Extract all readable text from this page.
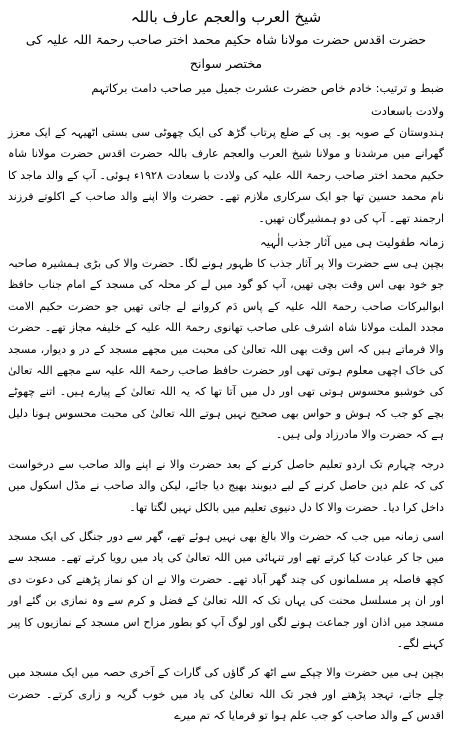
شیخ العرب والعجم عارف باللہ

حضرت اقدس حضرت مولانا شاہ حکیم محمد اختر صاحب رحمۃ اللہ علیہ کی مختصر سوانح

ضبط و ترتیب: خادم خاص حضرت عشرت جمیل میر صاحب دامت برکاتہم

ولادت باسعادت

ہندوستان کے صوبہ یو۔ پی کے ضلع پرتاب گڑھ کی ایک چھوٹی سی بستی اٹھیہہ کے ایک معزز گھرانے میں مرشدنا و مولانا شیخ العرب والعجم عارف باللہ حضرت اقدس حضرت مولانا شاہ حکیم محمد اختر صاحب رحمۃ اللہ علیہ کی ولادت با سعادت ۱۹۲۸ء ہوئی۔ آپ کے والد ماجد کا نام محمد حسین تھا جو ایک سرکاری ملازم تھے۔ حضرت والا اپنے والد صاحب کے اکلوتے فرزند ارجمند تھے۔ آپ کی دو ہمشیرگان تھیں۔

زمانہ طفولیت ہی میں آثار جذب الٰہیہ

بچپن ہی سے حضرت والا پر آثار جذب کا ظہور ہونے لگا۔ حضرت والا کی بڑی ہمشیرہ صاحبہ جو خود بھی اس وقت بچی تھیں، آپ کو گود میں لے کر محلہ کی مسجد کے امام جناب حافظ ابوالبرکات صاحب رحمۃ اللہ علیہ کے پاس دَم کروانے لے جاتی تھیں جو حضرت حکیم الامت مجدد الملت مولانا شاہ اشرف علی صاحب تھانوی رحمۃ اللہ علیہ کے خلیفہ مجاز تھے۔ حضرت والا فرماتے ہیں کہ اس وقت بھی اللہ تعالیٰ کی محبت میں مجھے مسجد کے در و دیوار، مسجد کی خاک اچھی معلوم ہوتی تھی اور حضرت حافظ صاحب رحمۃ اللہ علیہ سے مجھے اللہ تعالیٰ کی خوشبو محسوس ہوتی تھی اور دل میں آتا تھا کہ یہ اللہ تعالیٰ کے پیارے ہیں۔ اتنے چھوٹے بچے کو جب کہ ہوش و حواس بھی صحیح نہیں ہوتے اللہ تعالیٰ کی محبت محسوس ہونا دلیل ہے کہ حضرت والا مادرزاد ولی ہیں۔

درجہ چہارم تک اردو تعلیم حاصل کرنے کے بعد حضرت والا نے اپنے والد صاحب سے درخواست کی کہ علم دین حاصل کرنے کے لیے دیوبند بھیج دیا جائے، لیکن والد صاحب نے مڈل اسکول میں داخل کرا دیا۔ حضرت والا کا دل دنیوی تعلیم میں بالکل نہیں لگتا تھا۔

اسی زمانہ میں جب کہ حضرت والا بالغ بھی نہیں ہوئے تھے، گھر سے دور جنگل کی ایک مسجد میں جا کر عبادت کیا کرتے تھے اور تنہائی میں اللہ تعالیٰ کی یاد میں رویا کرتے تھے۔ مسجد سے کچھ فاصلہ پر مسلمانوں کی چند گھر آباد تھے۔ حضرت والا نے ان کو نماز پڑھنے کی دعوت دی اور ان پر مسلسل محنت کی یہاں تک کہ اللہ تعالیٰ کے فضل و کرم سے وہ نمازی بن گئے اور مسجد میں اذان اور جماعت ہونے لگی اور لوگ آپ کو بطور مزاح اس مسجد کے نمازیوں کا پیر کہنے لگے۔

بچپن ہی میں حضرت والا چپکے سے اٹھ کر گاؤں کی گارات کے آخری حصہ میں ایک مسجد میں چلے جاتے، تہجد پڑھتے اور فجر تک اللہ تعالیٰ کی یاد میں خوب گریہ و زاری کرتے۔ حضرت اقدس کے والد صاحب کو جب علم ہوا تو فرمایا کہ تم میرے
